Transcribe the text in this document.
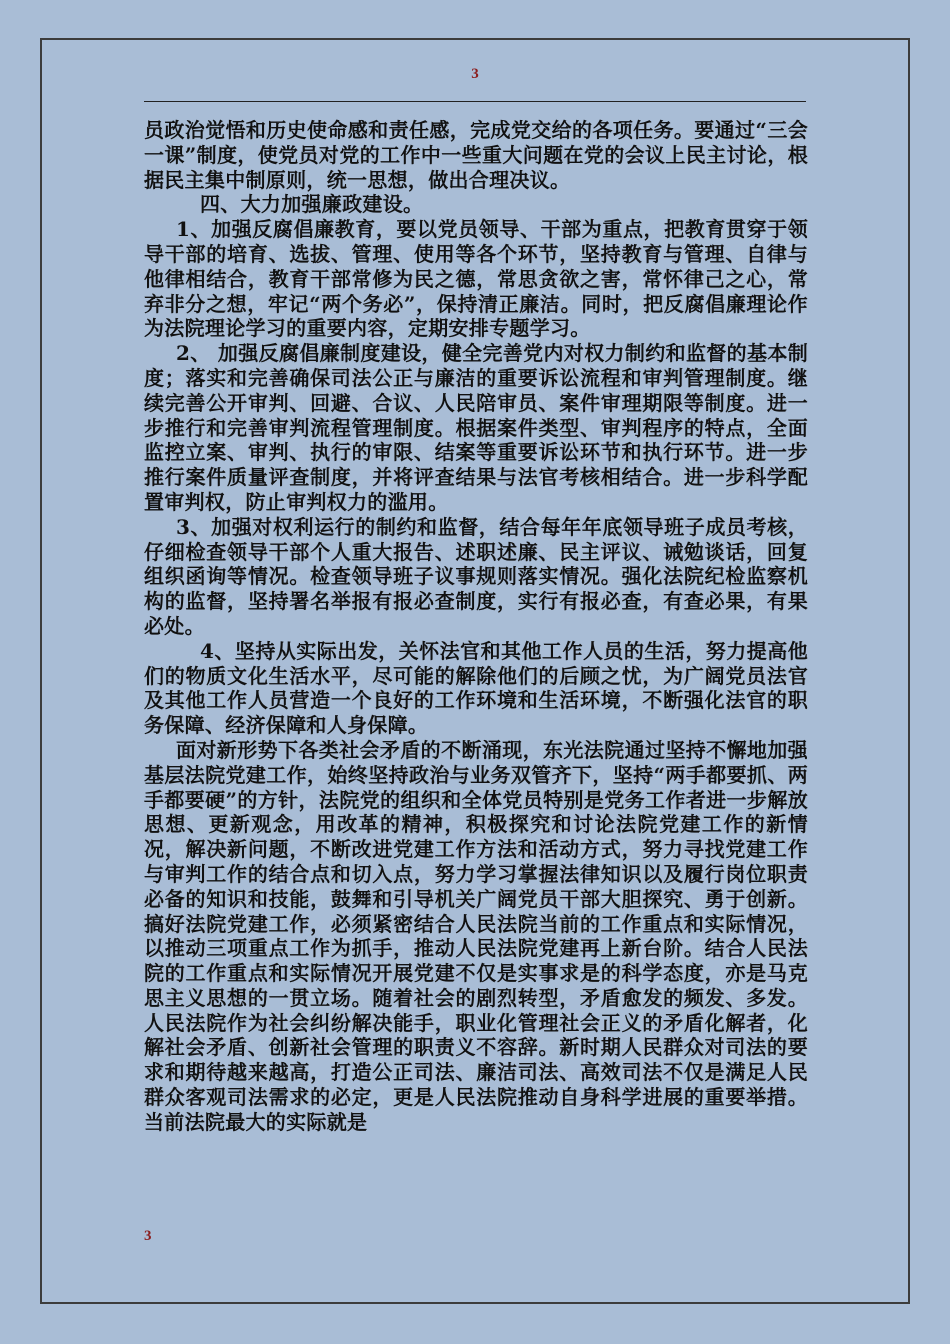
3

员政治觉悟和历史使命感和责任感，完成党交给的各项任务。要通过“三会一课”制度，使党员对党的工作中一些重大问题在党的会议上民主讨论，根据民主集中制原则，统一思想，做出合理决议。

四、大力加强廉政建设。

1、加强反腐倡廉教育，要以党员领导、干部为重点，把教育贯穿于领导干部的培育、选拔、管理、使用等各个环节，坚持教育与管理、自律与他律相结合，教育干部常修为民之德，常思贪欲之害，常怀律己之心，常弃非分之想，牢记“两个务必”，保持清正廉洁。同时，把反腐倡廉理论作为法院理论学习的重要内容，定期安排专题学习。

2、 加强反腐倡廉制度建设，健全完善党内对权力制约和监督的基本制度；落实和完善确保司法公正与廉洁的重要诉讼流程和审判管理制度。继续完善公开审判、回避、合议、人民陪审员、案件审理期限等制度。进一步推行和完善审判流程管理制度。根据案件类型、审判程序的特点，全面监控立案、审判、执行的审限、结案等重要诉讼环节和执行环节。进一步推行案件质量评查制度，并将评查结果与法官考核相结合。进一步科学配置审判权，防止审判权力的滥用。

3、加强对权利运行的制约和监督，结合每年年底领导班子成员考核，仔细检查领导干部个人重大报告、述职述廉、民主评议、诫勉谈话，回复组织函询等情况。检查领导班子议事规则落实情况。强化法院纪检监察机构的监督，坚持署名举报有报必查制度，实行有报必查，有查必果，有果必处。

4、坚持从实际出发，关怀法官和其他工作人员的生活，努力提高他们的物质文化生活水平，尽可能的解除他们的后顾之忧，为广阔党员法官及其他工作人员营造一个良好的工作环境和生活环境，不断强化法官的职务保障、经济保障和人身保障。

面对新形势下各类社会矛盾的不断涌现，东光法院通过坚持不懈地加强基层法院党建工作，始终坚持政治与业务双管齐下，坚持“两手都要抓、两手都要硬”的方针，法院党的组织和全体党员特别是党务工作者进一步解放思想、更新观念，用改革的精神，积极探究和讨论法院党建工作的新情况，解决新问题，不断改进党建工作方法和活动方式，努力寻找党建工作与审判工作的结合点和切入点，努力学习掌握法律知识以及履行岗位职责必备的知识和技能，鼓舞和引导机关广阔党员干部大胆探究、勇于创新。搞好法院党建工作，必须紧密结合人民法院当前的工作重点和实际情况，以推动三项重点工作为抓手，推动人民法院党建再上新台阶。结合人民法院的工作重点和实际情况开展党建不仅是实事求是的科学态度，亦是马克思主义思想的一贯立场。随着社会的剧烈转型，矛盾愈发的频发、多发。人民法院作为社会纠纷解决能手，职业化管理社会正义的矛盾化解者，化解社会矛盾、创新社会管理的职责义不容辞。新时期人民群众对司法的要求和期待越来越高，打造公正司法、廉洁司法、高效司法不仅是满足人民群众客观司法需求的必定，更是人民法院推动自身科学进展的重要举措。当前法院最大的实际就是

3
